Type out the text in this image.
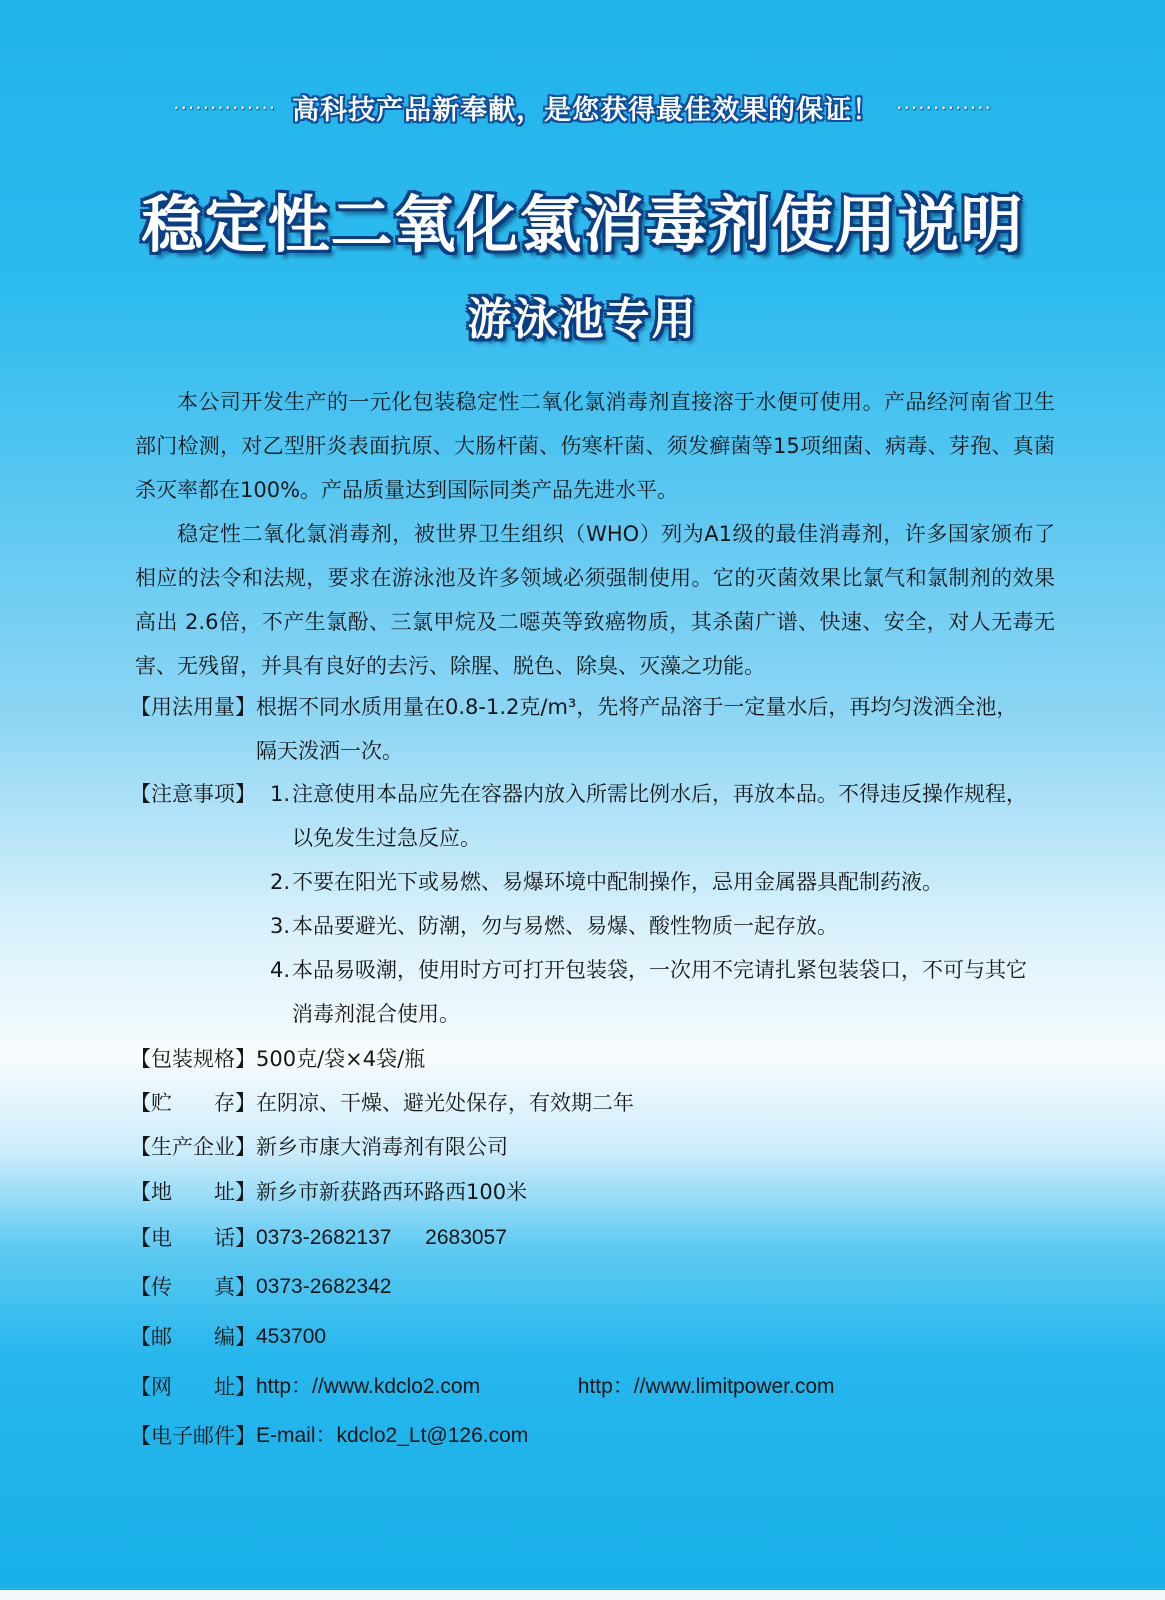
·············· 高科技产品新奉献，是您获得最佳效果的保证！ ·············
稳定性二氧化氯消毒剂使用说明
游泳池专用

本公司开发生产的一元化包装稳定性二氧化氯消毒剂直接溶于水便可使用。产品经河南省卫生部门检测，对乙型肝炎表面抗原、大肠杆菌、伤寒杆菌、须发癣菌等15项细菌、病毒、芽孢、真菌杀灭率都在100%。产品质量达到国际同类产品先进水平。

稳定性二氧化氯消毒剂，被世界卫生组织（WHO）列为A1级的最佳消毒剂，许多国家颁布了相应的法令和法规，要求在游泳池及许多领域必须强制使用。它的灭菌效果比氯气和氯制剂的效果高出 2.6倍，不产生氯酚、三氯甲烷及二噁英等致癌物质，其杀菌广谱、快速、安全，对人无毒无害、无残留，并具有良好的去污、除腥、脱色、除臭、灭藻之功能。

【用法用量】 根据不同水质用量在0.8-1.2克/m³，先将产品溶于一定量水后，再均匀泼洒全池，隔天泼洒一次。
【注意事项】 1. 注意使用本品应先在容器内放入所需比例水后，再放本品。不得违反操作规程，以免发生过急反应。
2. 不要在阳光下或易燃、易爆环境中配制操作，忌用金属器具配制药液。
3. 本品要避光、防潮，勿与易燃、易爆、酸性物质一起存放。
4. 本品易吸潮，使用时方可打开包装袋，一次用不完请扎紧包装袋口，不可与其它消毒剂混合使用。
【包装规格】 500克/袋×4袋/瓶
【贮　　存】 在阴凉、干燥、避光处保存，有效期二年
【生产企业】 新乡市康大消毒剂有限公司
【地　　址】 新乡市新获路西环路西100米
【电　　话】 0373-2682137 2683057
【传　　真】 0373-2682342
【邮　　编】 453700
【网　　址】 http：//www.kdclo2.com	http：//www.limitpower.com
【电子邮件】 E-mail：kdclo2_Lt@126.com
